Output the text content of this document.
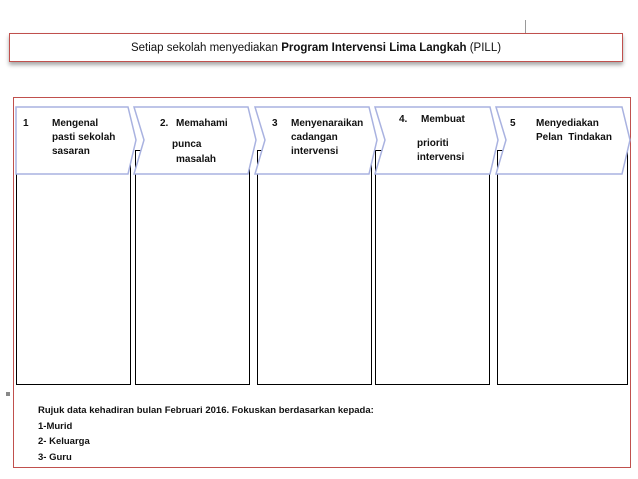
Setiap sekolah menyediakan Program Intervensi Lima Langkah (PILL)
1 Mengenal
pasti sekolah
sasaran
2. Memahami
punca
masalah
3 Menyenaraikan
cadangan
intervensi
4. Membuat
prioriti
intervensi
5 Menyediakan
Pelan  Tindakan
Rujuk data kehadiran bulan Februari 2016. Fokuskan berdasarkan kepada:
1-Murid
2- Keluarga
3- Guru
